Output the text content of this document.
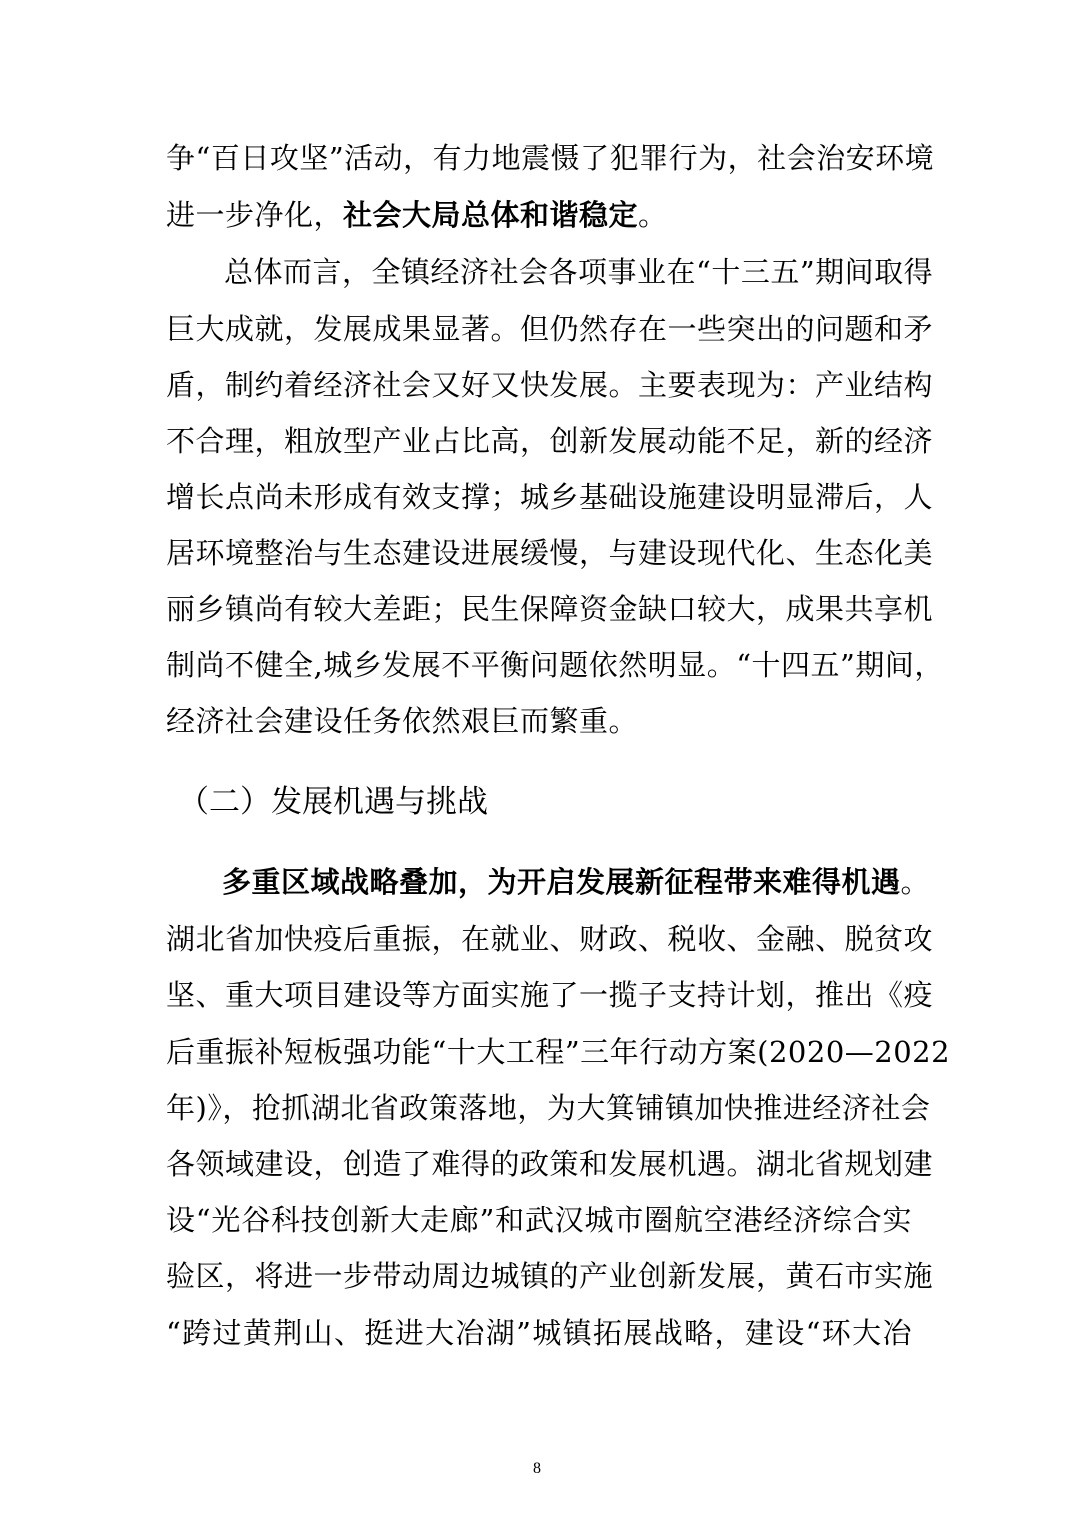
争“百日攻坚”活动，有力地震慑了犯罪行为，社会治安环境
进一步净化，社会大局总体和谐稳定。
总体而言，全镇经济社会各项事业在“十三五”期间取得
巨大成就，发展成果显著。但仍然存在一些突出的问题和矛
盾，制约着经济社会又好又快发展。主要表现为：产业结构
不合理，粗放型产业占比高，创新发展动能不足，新的经济
增长点尚未形成有效支撑；城乡基础设施建设明显滞后，人
居环境整治与生态建设进展缓慢，与建设现代化、生态化美
丽乡镇尚有较大差距；民生保障资金缺口较大，成果共享机
制尚不健全,城乡发展不平衡问题依然明显。“十四五”期间，
经济社会建设任务依然艰巨而繁重。
（二）发展机遇与挑战
多重区域战略叠加，为开启发展新征程带来难得机遇。
湖北省加快疫后重振，在就业、财政、税收、金融、脱贫攻
坚、重大项目建设等方面实施了一揽子支持计划，推出《疫
后重振补短板强功能“十大工程”三年行动方案(2020—2022
年)》，抢抓湖北省政策落地，为大箕铺镇加快推进经济社会
各领域建设，创造了难得的政策和发展机遇。湖北省规划建
设“光谷科技创新大走廊”和武汉城市圈航空港经济综合实
验区，将进一步带动周边城镇的产业创新发展，黄石市实施
“跨过黄荆山、挺进大冶湖”城镇拓展战略，建设“环大冶
8
